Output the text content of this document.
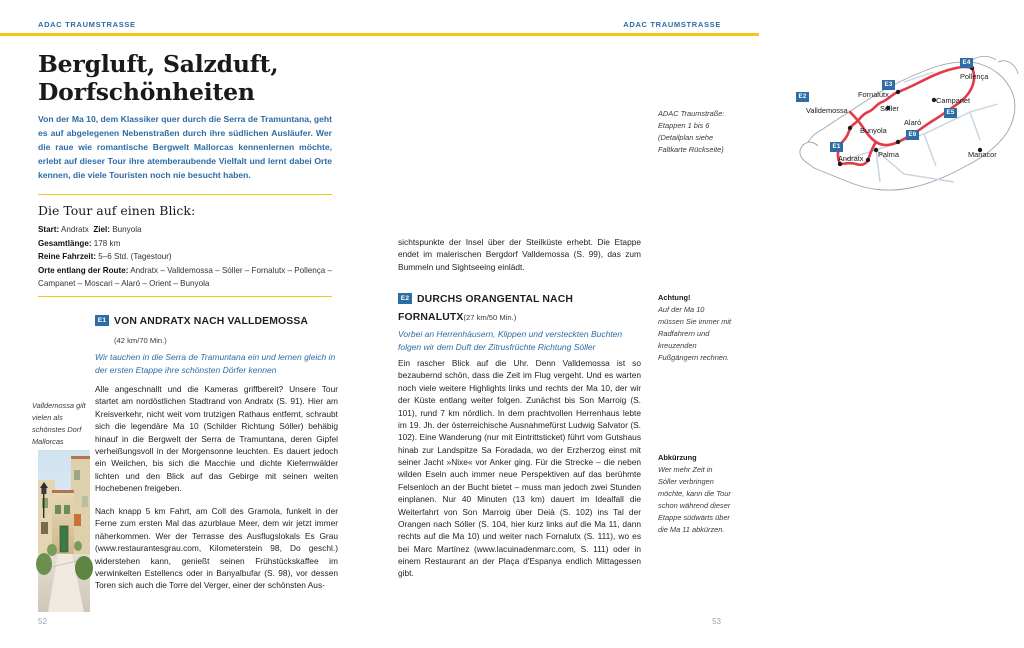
ADAC TRAUMSTRASSE	ADAC TRAUMSTRASSE
Bergluft, Salzduft, Dorfschönheiten
Von der Ma 10, dem Klassiker quer durch die Serra de Tramuntana, geht es auf abgelegenen Nebenstraßen durch ihre südlichen Ausläufer. Wer die raue wie romantische Bergwelt Mallorcas kennenlernen möchte, erlebt auf dieser Tour ihre atemberaubende Vielfalt und lernt dabei Orte kennen, die viele Touristen noch nie besucht haben.
Die Tour auf einen Blick:
Start: Andratx Ziel: Bunyola
Gesamtlänge: 178 km
Reine Fahrzeit: 5–6 Std. (Tagestour)
Orte entlang der Route: Andratx – Valldemossa – Sóller – Fornalutx – Pollença – Campanet – Moscari – Alaró – Orient – Bunyola
E1 VON ANDRATX NACH VALLDEMOSSA
(42 km/70 Min.)
Wir tauchen in die Serra de Tramuntana ein und lernen gleich in der ersten Etappe ihre schönsten Dörfer kennen
Alle angeschnallt und die Kameras griffbereit? Unsere Tour startet am nordöstlichen Stadtrand von Andratx (S. 91). Hier am Kreisverkehr, nicht weit vom trutzigen Rathaus entfernt, schraubt sich die legendäre Ma 10 (Schilder Richtung Sóller) behäbig hinauf in die Bergwelt der Serra de Tramuntana, deren Gipfel verheißungsvoll in der Morgensonne leuchten. Es dauert jedoch ein Weilchen, bis sich die Macchie und dichte Kiefernwälder lichten und den Blick auf das Gebirge mit seinen weiten Hochebenen freigeben.
Nach knapp 5 km Fahrt, am Coll des Gramola, funkelt in der Ferne zum ersten Mal das azurblaue Meer, dem wir jetzt immer näherkommen. Wer der Terrasse des Ausflugslokals Es Grau (www.restaurantesgrau.com, Kilometerstein 98, Do geschl.) widerstehen kann, genießt seinen Frühstückskaffee im verwinkelten Estellencs oder in Banyalbufar (S. 98), vor dessen Toren sich auch die Torre del Verger, einer der schönsten Aus-
Valldemossa gilt vielen als schönstes Dorf Mallorcas
52
Pollença
Fornalutx
Campanet
Valldemossa	Sóller
Alaró
Bunyola
Andratx Palma	Manacor
E1
E2
E3
E4
E5
E6
ADAC Traumstraße: Etappen 1 bis 6 (Detailplan siehe Faltkarte Rückseite)
sichtspunkte der Insel über der Steilküste erhebt. Die Etappe endet im malerischen Bergdorf Valldemossa (S. 99), das zum Bummeln und Sightseeing einlädt.
E2 DURCHS ORANGENTAL NACH FORNALUTX(27 km/50 Min.)
Vorbei an Herrenhäusern, Klippen und versteckten Buchten folgen wir dem Duft der Zitrusfrüchte Richtung Sóller
Ein rascher Blick auf die Uhr. Denn Valldemossa ist so bezaubernd schön, dass die Zeit im Flug vergeht. Und es warten noch viele weitere Highlights links und rechts der Ma 10, der wir der Küste entlang weiter folgen. Zunächst bis Son Marroig (S. 101), rund 7 km nördlich. In dem prachtvollen Herrenhaus lebte im 19. Jh. der österreichische Ausnahmefürst Ludwig Salvator (S. 102). Eine Wanderung (nur mit Eintrittsticket) führt vom Gutshaus hinab zur Landspitze Sa Foradada, wo der Erzherzog einst mit seiner Jacht »Nixe« vor Anker ging. Für die Strecke – die neben wilden Eseln auch immer neue Perspektiven auf das berühmte Felsenloch an der Bucht bietet – muss man jedoch zwei Stunden einplanen. Nur 40 Minuten (13 km) dauert im Idealfall die Weiterfahrt von Son Marroig über Deià (S. 102) ins Tal der Orangen nach Sóller (S. 104, hier kurz links auf die Ma 11, dann rechts auf die Ma 10) und weiter nach Fornalutx (S. 111), wo es bei Marc Martínez (www.lacuinadenmarc.com, S. 111) oder in einem Restaurant an der Plaça d'Espanya endlich Mittagessen gibt.
Achtung!
Auf der Ma 10 müssen Sie immer mit Radfahrern und kreuzenden Fußgängern rechnen.
Abkürzung
Wer mehr Zeit in Sóller verbringen möchte, kann die Tour schon während dieser Etappe südwärts über die Ma 11 abkürzen.
53
